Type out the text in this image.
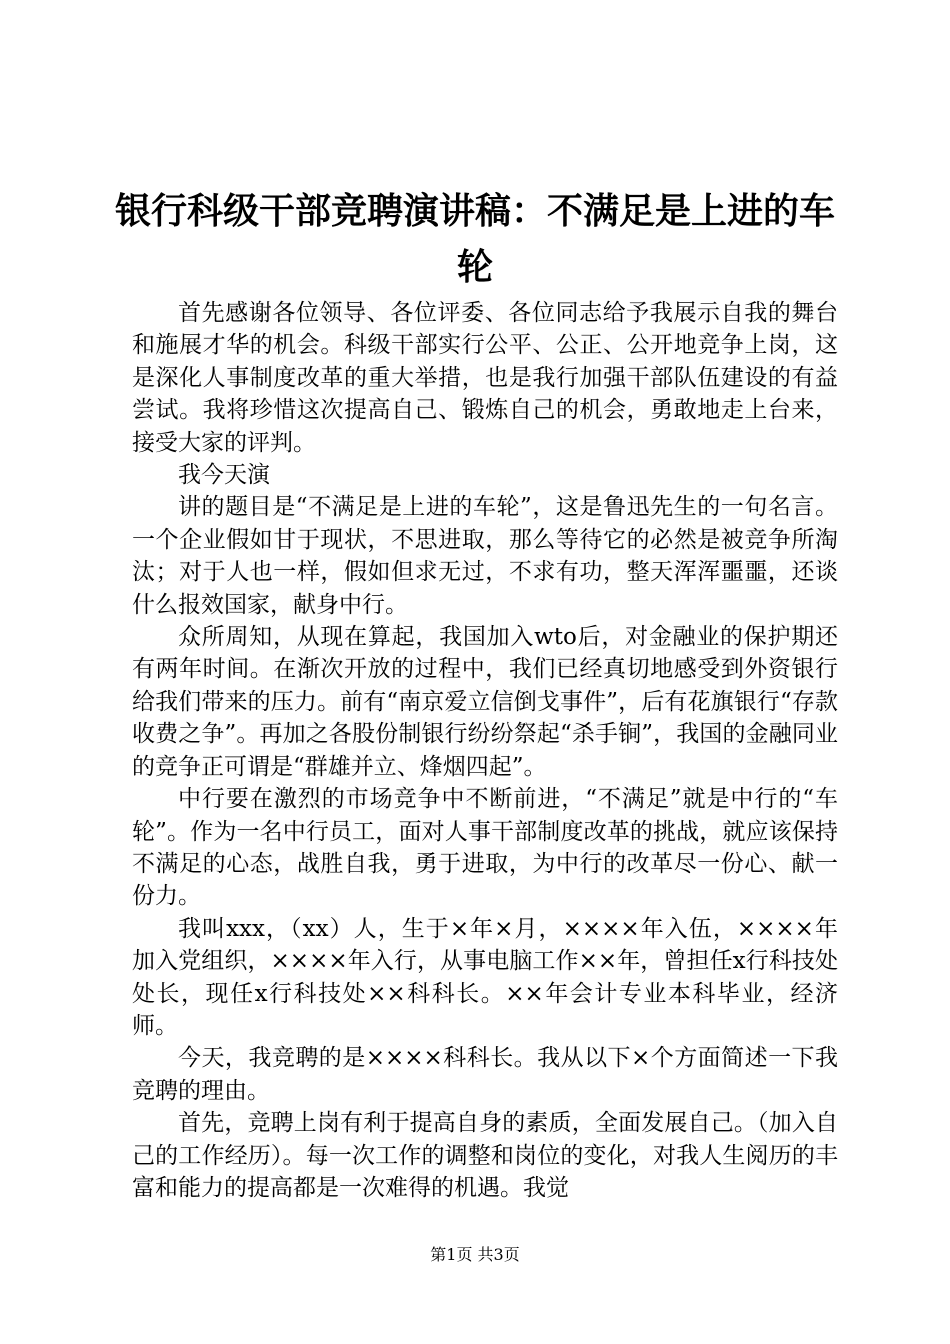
银行科级干部竞聘演讲稿：不满足是上进的车轮

首先感谢各位领导、各位评委、各位同志给予我展示自我的舞台和施展才华的机会。科级干部实行公平、公正、公开地竞争上岗，这是深化人事制度改革的重大举措，也是我行加强干部队伍建设的有益尝试。我将珍惜这次提高自己、锻炼自己的机会，勇敢地走上台来，接受大家的评判。

我今天演

讲的题目是“不满足是上进的车轮”，这是鲁迅先生的一句名言。一个企业假如甘于现状，不思进取，那么等待它的必然是被竞争所淘汰；对于人也一样，假如但求无过，不求有功，整天浑浑噩噩，还谈什么报效国家，献身中行。

众所周知，从现在算起，我国加入wto后，对金融业的保护期还有两年时间。在渐次开放的过程中，我们已经真切地感受到外资银行给我们带来的压力。前有“南京爱立信倒戈事件”，后有花旗银行“存款收费之争”。再加之各股份制银行纷纷祭起“杀手锏”，我国的金融同业的竞争正可谓是“群雄并立、烽烟四起”。

中行要在激烈的市场竞争中不断前进，“不满足”就是中行的“车轮”。作为一名中行员工，面对人事干部制度改革的挑战，就应该保持不满足的心态，战胜自我，勇于进取，为中行的改革尽一份心、献一份力。

我叫xxx，（xx）人，生于×年×月，××××年入伍，××××年加入党组织，××××年入行，从事电脑工作××年，曾担任x行科技处处长，现任x行科技处××科科长。××年会计专业本科毕业，经济师。

今天，我竞聘的是××××科科长。我从以下×个方面简述一下我竞聘的理由。

首先，竞聘上岗有利于提高自身的素质，全面发展自己。（加入自己的工作经历）。每一次工作的调整和岗位的变化，对我人生阅历的丰富和能力的提高都是一次难得的机遇。我觉

第1页 共3页
